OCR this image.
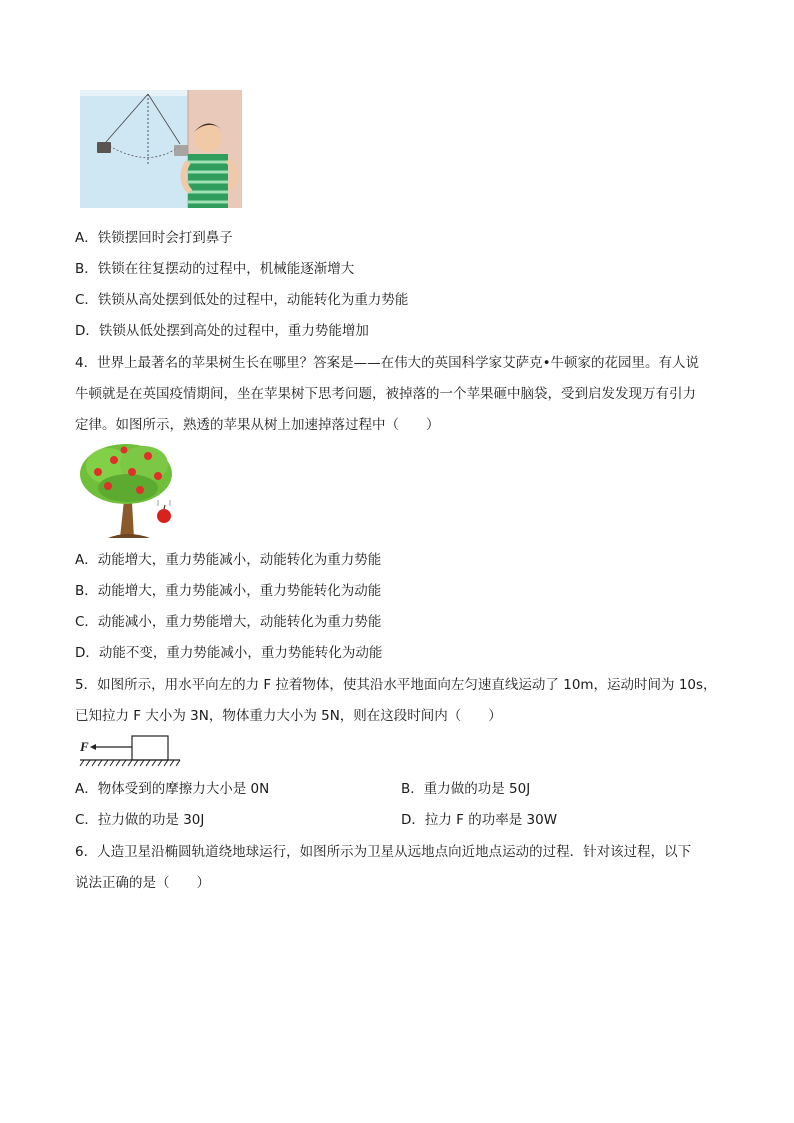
A．铁锁摆回时会打到鼻子
B．铁锁在往复摆动的过程中，机械能逐渐增大
C．铁锁从高处摆到低处的过程中，动能转化为重力势能
D．铁锁从低处摆到高处的过程中，重力势能增加
4．世界上最著名的苹果树生长在哪里？答案是——在伟大的英国科学家艾萨克•牛顿家的花园里。有人说
牛顿就是在英国疫情期间，坐在苹果树下思考问题，被掉落的一个苹果砸中脑袋，受到启发发现万有引力
定律。如图所示，熟透的苹果从树上加速掉落过程中（　　）
A．动能增大，重力势能减小，动能转化为重力势能
B．动能增大，重力势能减小，重力势能转化为动能
C．动能减小，重力势能增大，动能转化为重力势能
D．动能不变，重力势能减小，重力势能转化为动能
5．如图所示，用水平向左的力 F 拉着物体，使其沿水平地面向左匀速直线运动了 10m，运动时间为 10s，
已知拉力 F 大小为 3N，物体重力大小为 5N，则在这段时间内（　　）
F
A．物体受到的摩擦力大小是 0N	B．重力做的功是 50J
C．拉力做的功是 30J	D．拉力 F 的功率是 30W
6．人造卫星沿椭圆轨道绕地球运行，如图所示为卫星从远地点向近地点运动的过程．针对该过程，以下
说法正确的是（　　）
